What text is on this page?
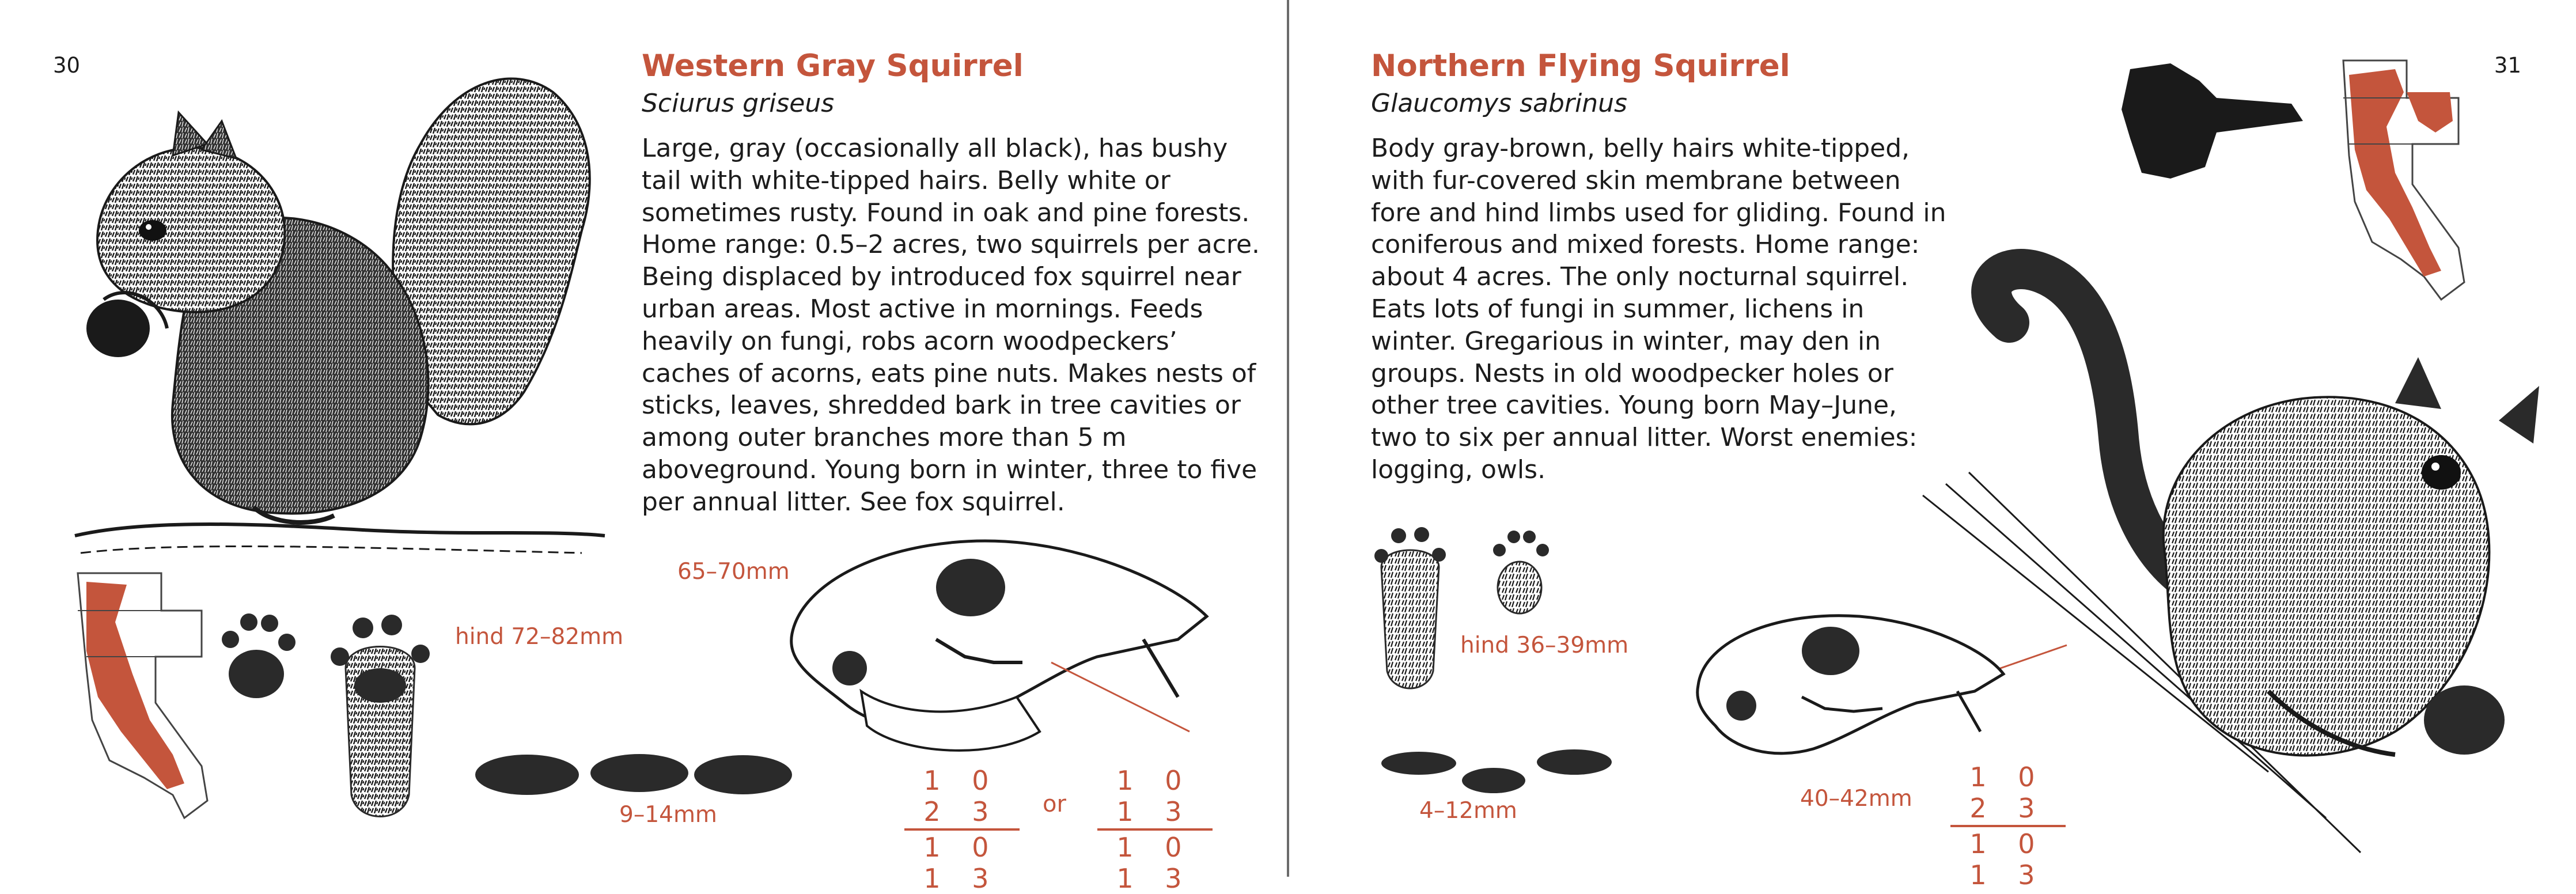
30	Western Gray Squirrel
Sciurus griseus

Large, gray (occasionally all black), has bushy tail with white-tipped hairs. Belly white or sometimes rusty. Found in oak and pine forests. Home range: 0.5–2 acres, two squirrels per acre. Being displaced by introduced fox squirrel near urban areas. Most active in mornings. Feeds heavily on fungi, robs acorn woodpeckers’ caches of acorns, eats pine nuts. Makes nests of sticks, leaves, shredded bark in tree cavities or among outer branches more than 5 m aboveground. Young born in winter, three to five per annual litter. See fox squirrel.

hind 72–82mm
9–14mm
65–70mm
$\frac{1 0 2 3}{1 0 1 3}$ or $\frac{1 0 1 3}{1 0 1 3}$
31
Northern Flying Squirrel
Glaucomys sabrinus

Body gray-brown, belly hairs white-tipped, with fur-covered skin membrane between fore and hind limbs used for gliding. Found in coniferous and mixed forests. Home range: about 4 acres. The only nocturnal squirrel. Eats lots of fungi in summer, lichens in winter. Gregarious in winter, may den in groups. Nests in old woodpecker holes or other tree cavities. Young born May–June, two to six per annual litter. Worst enemies: logging, owls.

hind 36–39mm
4–12mm	$40-42mm \frac{1 0 2 3}{1 0 1 3}$
